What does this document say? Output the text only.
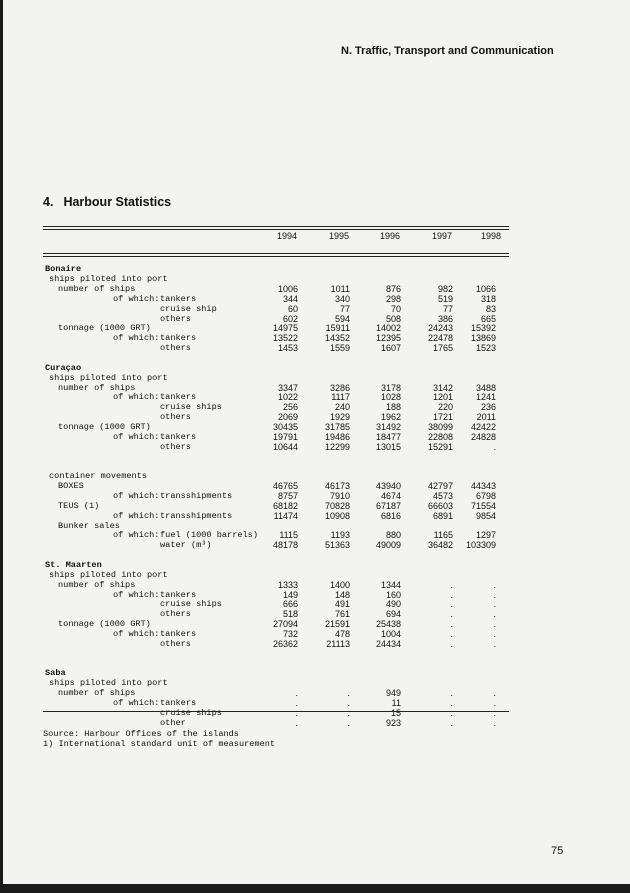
N. Traffic, Transport and Communication
4. Harbour Statistics
1994	1995	1996	1997	1998
Bonaire
ships piloted into port
number of ships	1006	1011	876	982	1066
of which: tankers	344	340	298	519	318
cruise ship	60	77	70	77	83
others	602	594	508	386	665
tonnage (1000 GRT)	14975	15911	14002	24243	15392
of which: tankers	13522	14352	12395	22478	13869
others	1453	1559	1607	1765	1523
Curaçao
ships piloted into port
number of ships	3347	3286	3178	3142	3488
of which: tankers	1022	1117	1028	1201	1241
cruise ships	256	240	188	220	236
others	2069	1929	1962	1721	2011
tonnage (1000 GRT)	30435	31785	31492	38099	42422
of which: tankers	19791	19486	18477	22808	24828
others	10644	12299	13015	15291	.
container movements
BOXES	46765	46173	43940	42797	44343
of which: transshipments	8757	7910	4674	4573	6798
TEUS (1)	68182	70828	67187	66603	71554
of which: transshipments	11474	10908	6816	6891	9854
Bunker sales
of which: fuel (1000 barrels)	1115	1193	880	1165	1297
water (m³)	48178	51363	49009	36482	103309
St. Maarten
ships piloted into port
number of ships	1333	1400	1344	.	.
of which: tankers	149	148	160	.	.
cruise ships	666	491	490	.	.
others	518	761	694	.	.
tonnage (1000 GRT)	27094	21591	25438	.	.
of which: tankers	732	478	1004	.	.
others	26362	21113	24434	.	.
Saba
ships piloted into port
number of ships	.	.	949	.	.
of which: tankers	.	.	11	.	.
cruise ships	.	.	15	.	.
other	.	.	923	.	.
Source: Harbour Offices of the islands
1) International standard unit of measurement
75
